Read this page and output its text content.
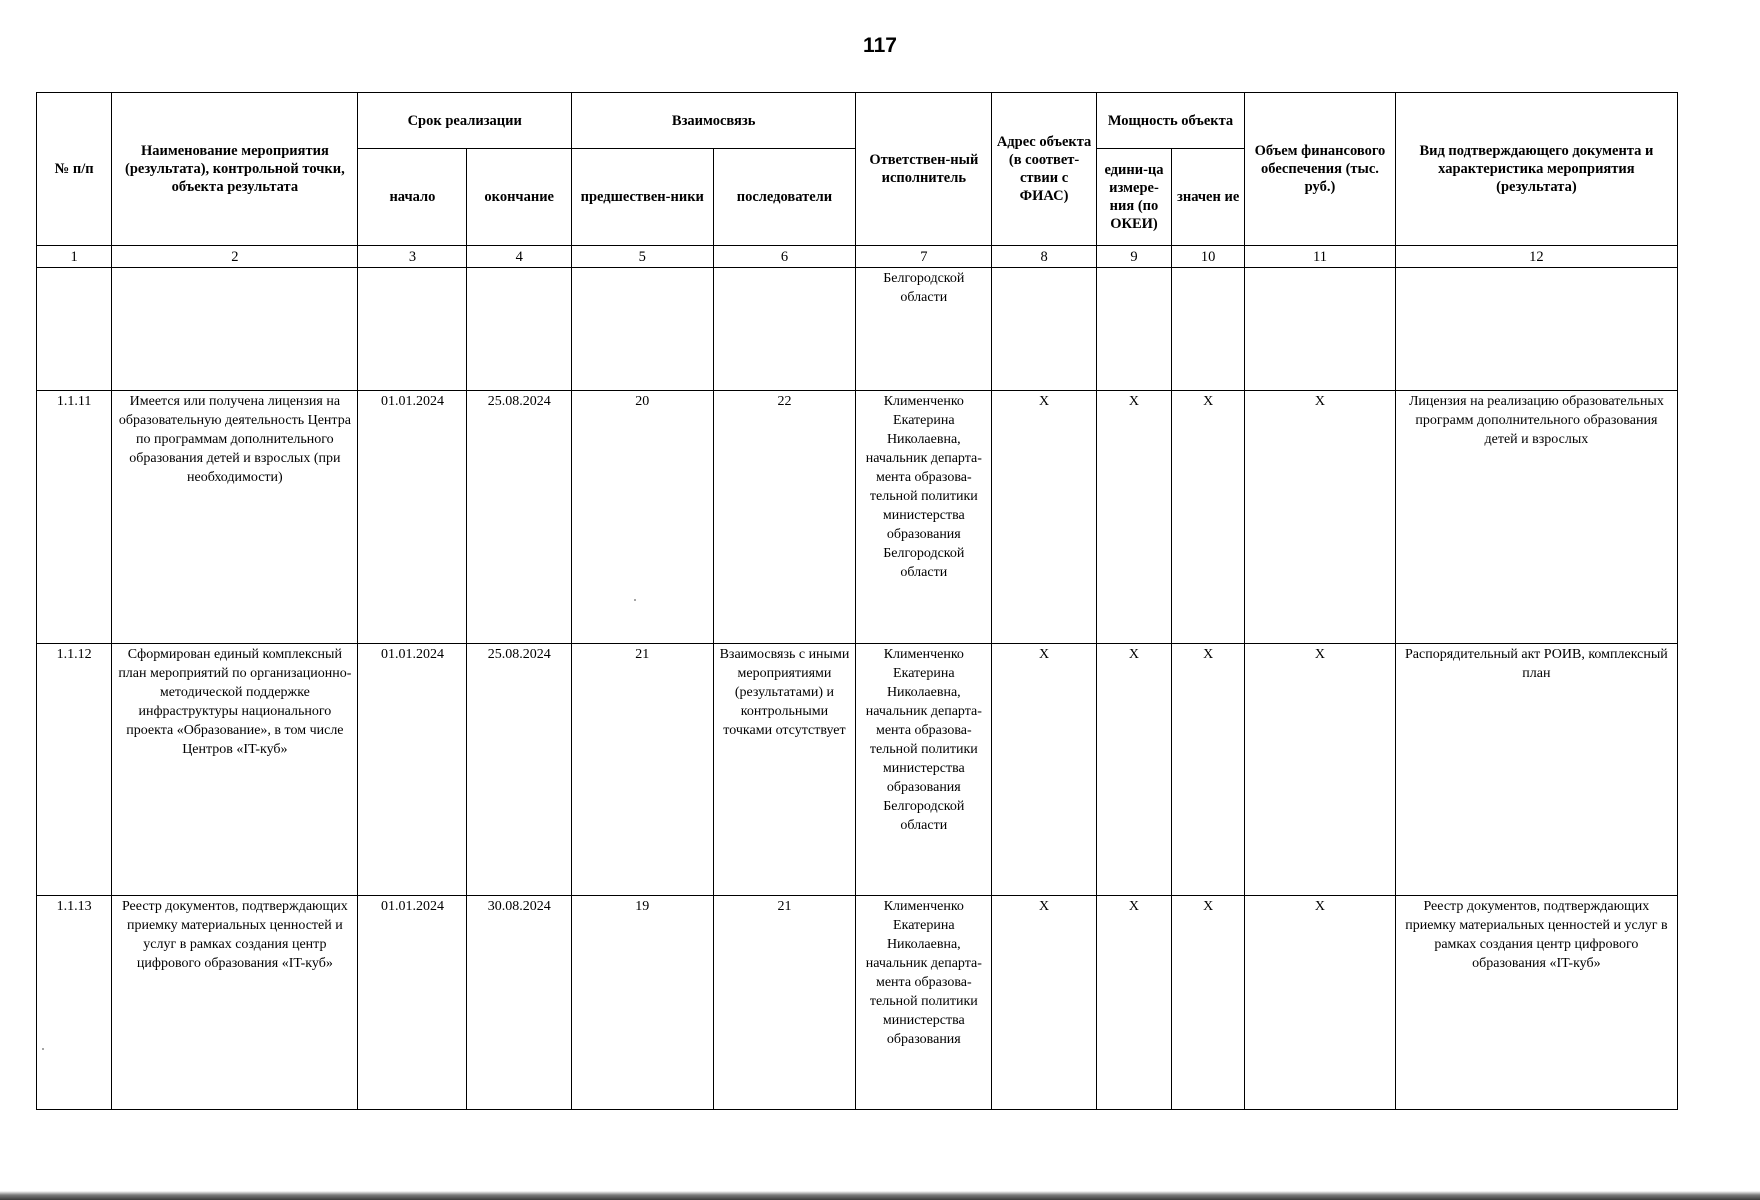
117
№ п/п	Наименование мероприятия (результата), контрольной точки, объекта результата	Срок реализации		Взаимосвязь		Ответствен-ный исполнитель	Адрес объекта (в соответ-ствии с ФИАС)	Мощность объекта		Объем финансового обеспечения (тыс. руб.)	Вид подтверждающего документа и характеристика мероприятия (результата)
		начало	окончание	предшествен-ники	последователи			едини-ца измере-ния (по ОКЕИ)	значен ие		
1	2	3	4	5	6	7	8	9	10	11	12
						Белгородской области					
1.1.11	Имеется или получена лицензия на образовательную деятельность Центра по программам дополнительного образования детей и взрослых (при необходимости)	01.01.2024	25.08.2024	20	22	Клименченко Екатерина Николаевна, начальник департа-мента образова-тельной политики министерства образования Белгородской области	Х	Х	Х	Х	Лицензия на реализацию образовательных программ дополнительного образования детей и взрослых
1.1.12	Сформирован единый комплексный план мероприятий по организационно-методической поддержке инфраструктуры национального проекта «Образование», в том числе Центров «IT-куб»	01.01.2024	25.08.2024	21	Взаимосвязь с иными мероприятиями (результатами) и контрольными точками отсутствует	Клименченко Екатерина Николаевна, начальник департа-мента образова-тельной политики министерства образования Белгородской области	Х	Х	Х	Х	Распорядительный акт РОИВ, комплексный план
1.1.13	Реестр документов, подтверждающих приемку материальных ценностей и услуг в рамках создания центр цифрового образования «IT-куб»	01.01.2024	30.08.2024	19	21	Клименченко Екатерина Николаевна, начальник департа-мента образова-тельной политики министерства образования	Х	Х	Х	Х	Реестр документов, подтверждающих приемку материальных ценностей и услуг в рамках создания центр цифрового образования «IT-куб»
